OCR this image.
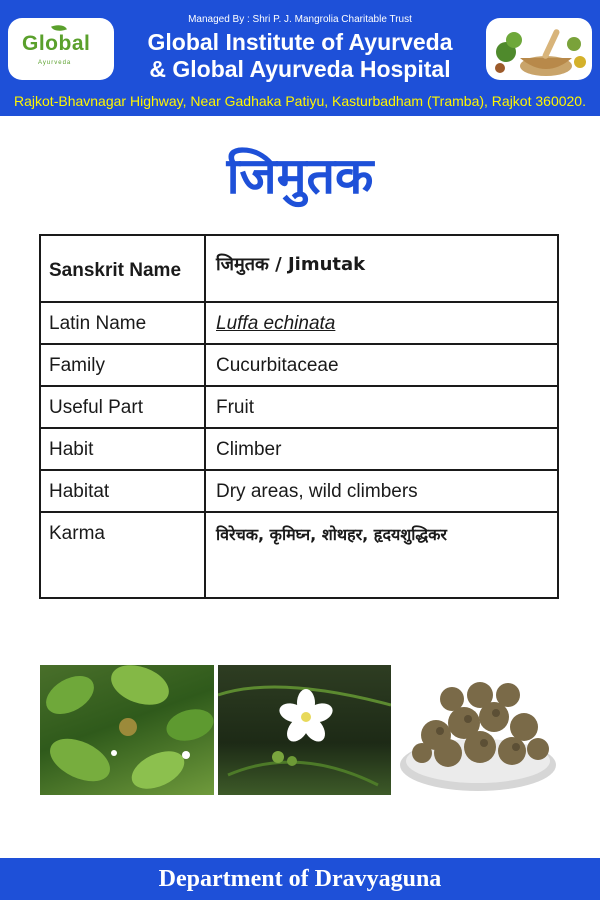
Global
Ayurveda
Managed By : Shri P. J. Mangrolia Charitable Trust
Global Institute of Ayurveda
& Global Ayurveda Hospital
Rajkot-Bhavnagar Highway, Near Gadhaka Patiyu, Kasturbadham (Tramba), Rajkot 360020.
जिमुतक
Sanskrit Name	जिमुतक / Jimutak
Latin Name	Luffa echinata
Family	Cucurbitaceae
Useful Part	Fruit
Habit	Climber
Habitat	Dry areas, wild climbers
Karma	विरेचक, कृमिघ्न, शोथहर, हृदयशुद्धिकर
Department of Dravyaguna
